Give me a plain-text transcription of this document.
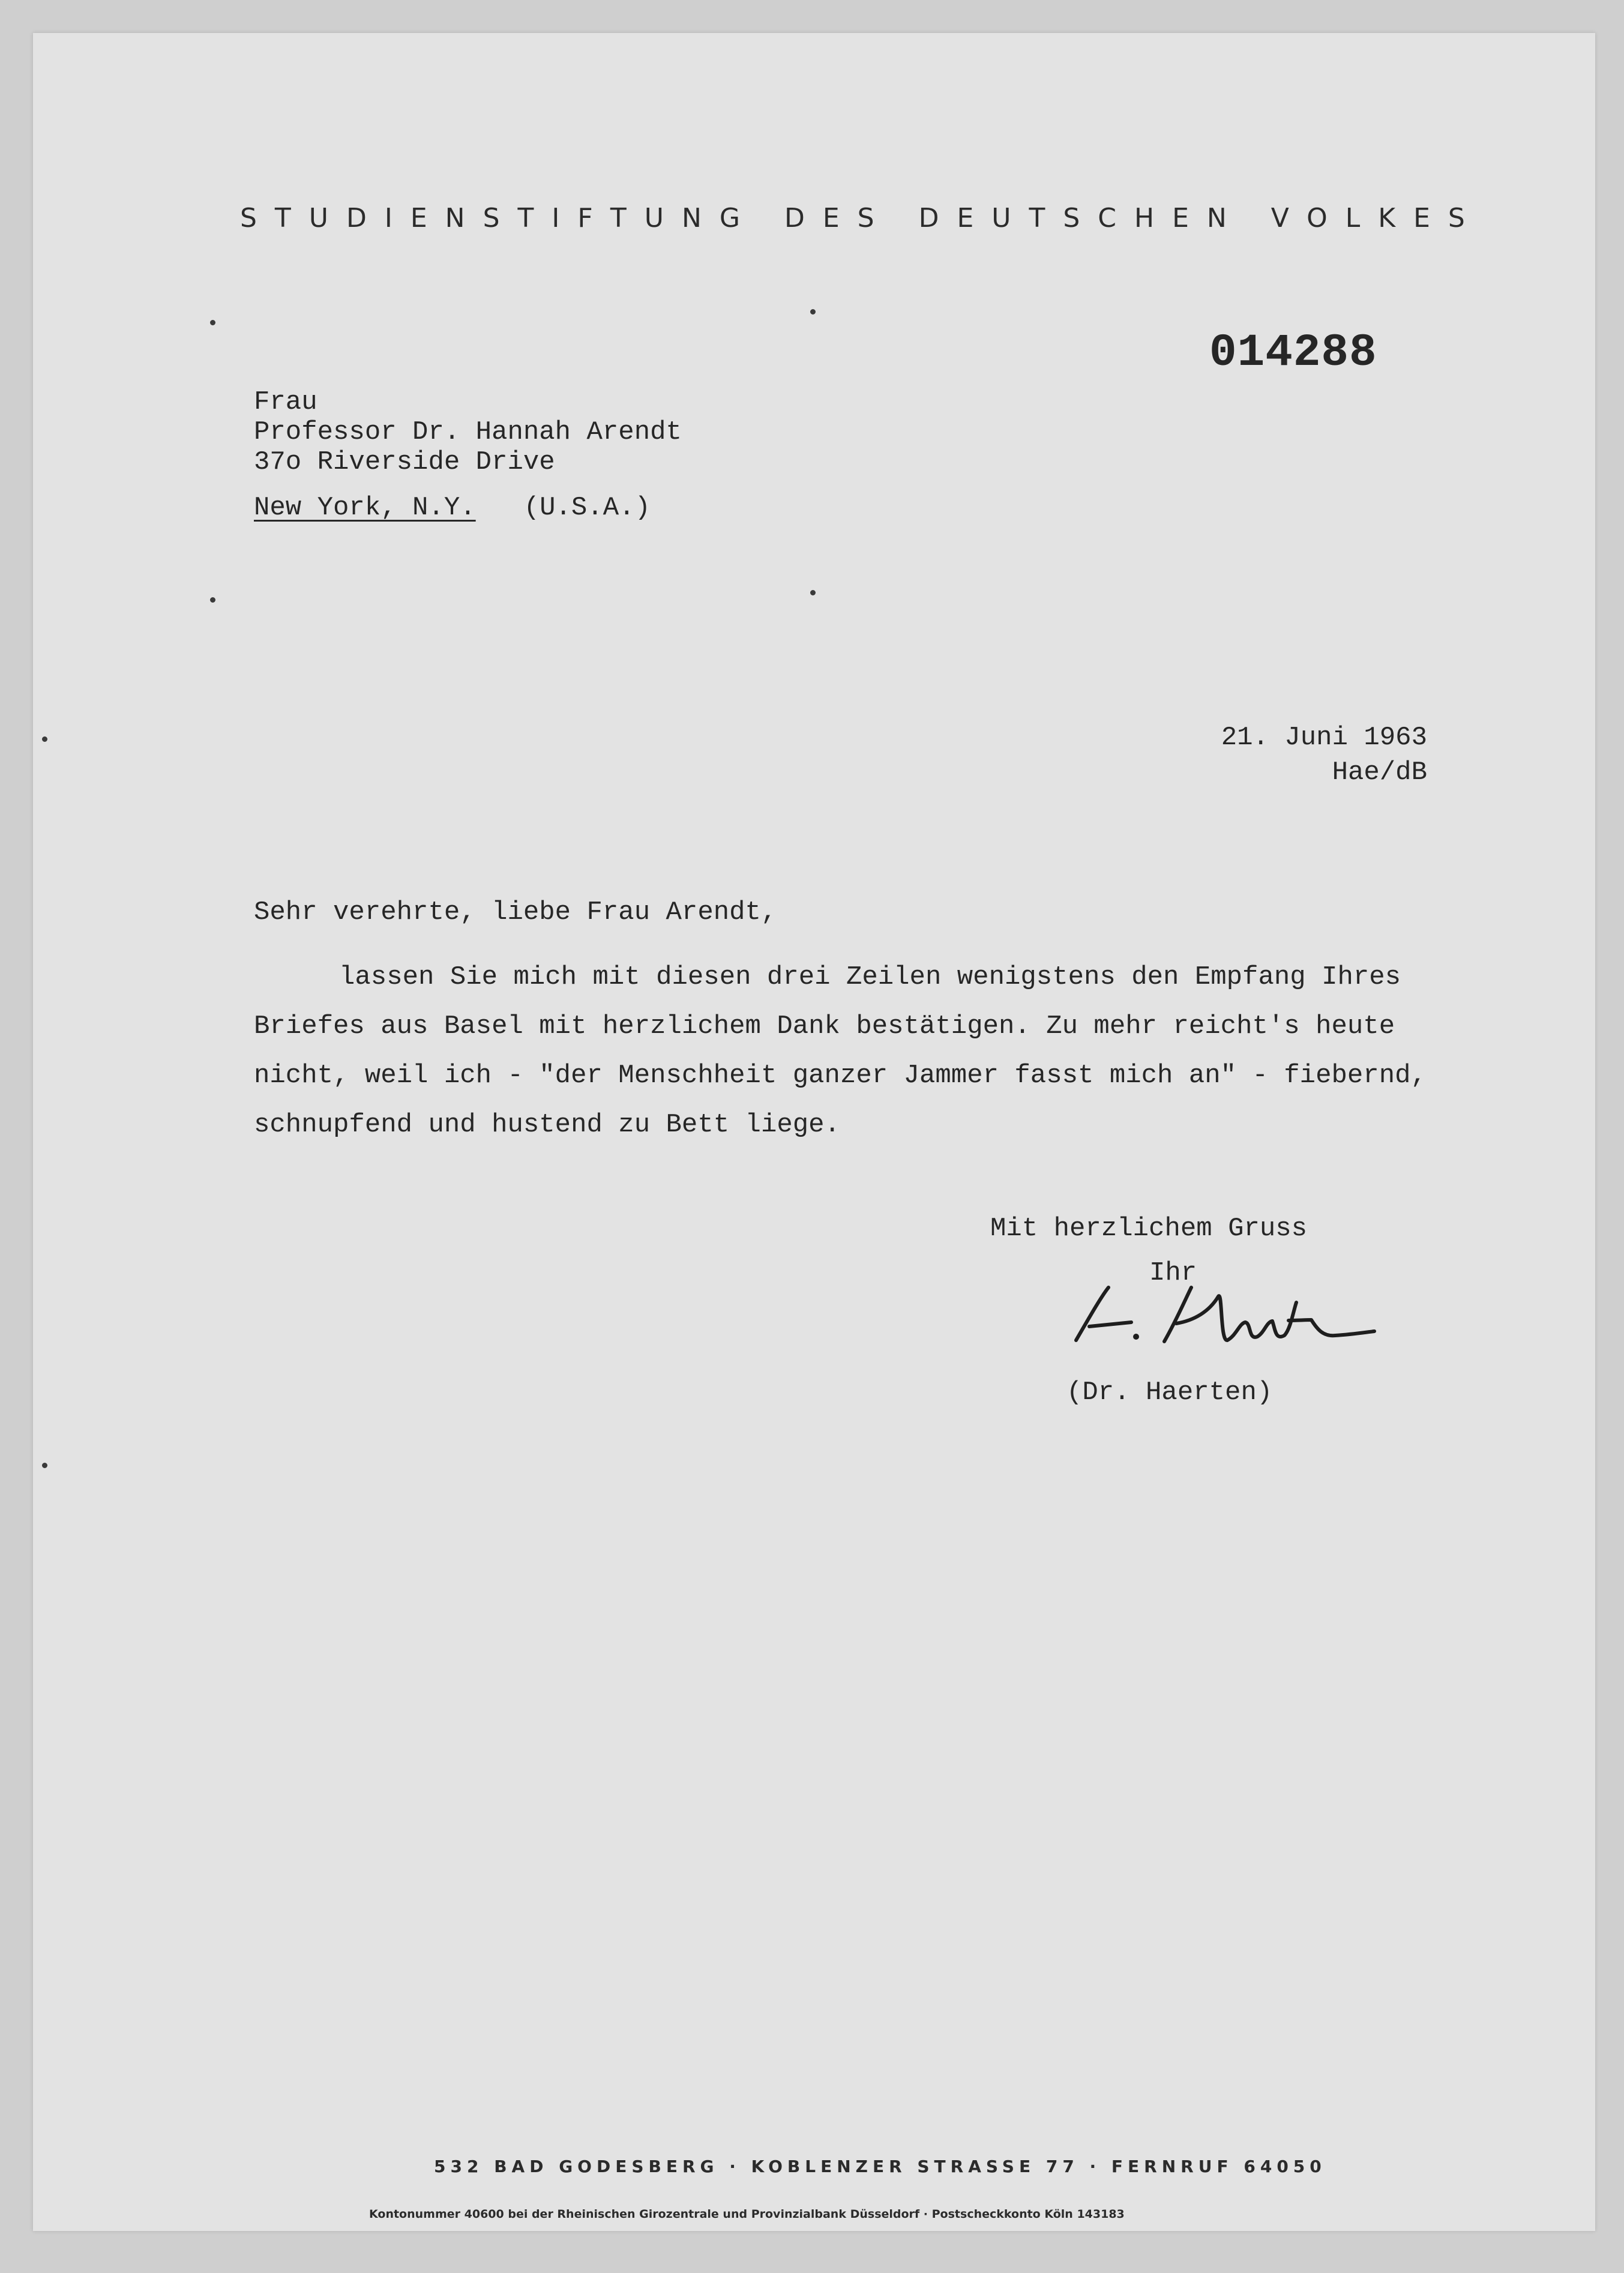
STUDIENSTIFTUNG DES DEUTSCHEN VOLKES
014288
Frau
Professor Dr. Hannah Arendt
37o Riverside Drive
New York, N.Y. (U.S.A.)
21. Juni 1963
Hae/dB
Sehr verehrte, liebe Frau Arendt,
lassen Sie mich mit diesen drei Zeilen wenigstens den Empfang Ihres
Briefes aus Basel mit herzlichem Dank bestätigen. Zu mehr reicht's heute
nicht, weil ich - "der Menschheit ganzer Jammer fasst mich an" - fiebernd,
schnupfend und hustend zu Bett liege.
Mit herzlichem Gruss
Ihr
(Dr. Haerten)
532 BAD GODESBERG · KOBLENZER STRASSE 77 · FERNRUF 64050
Kontonummer 40600 bei der Rheinischen Girozentrale und Provinzialbank Düsseldorf · Postscheckkonto Köln 143183
